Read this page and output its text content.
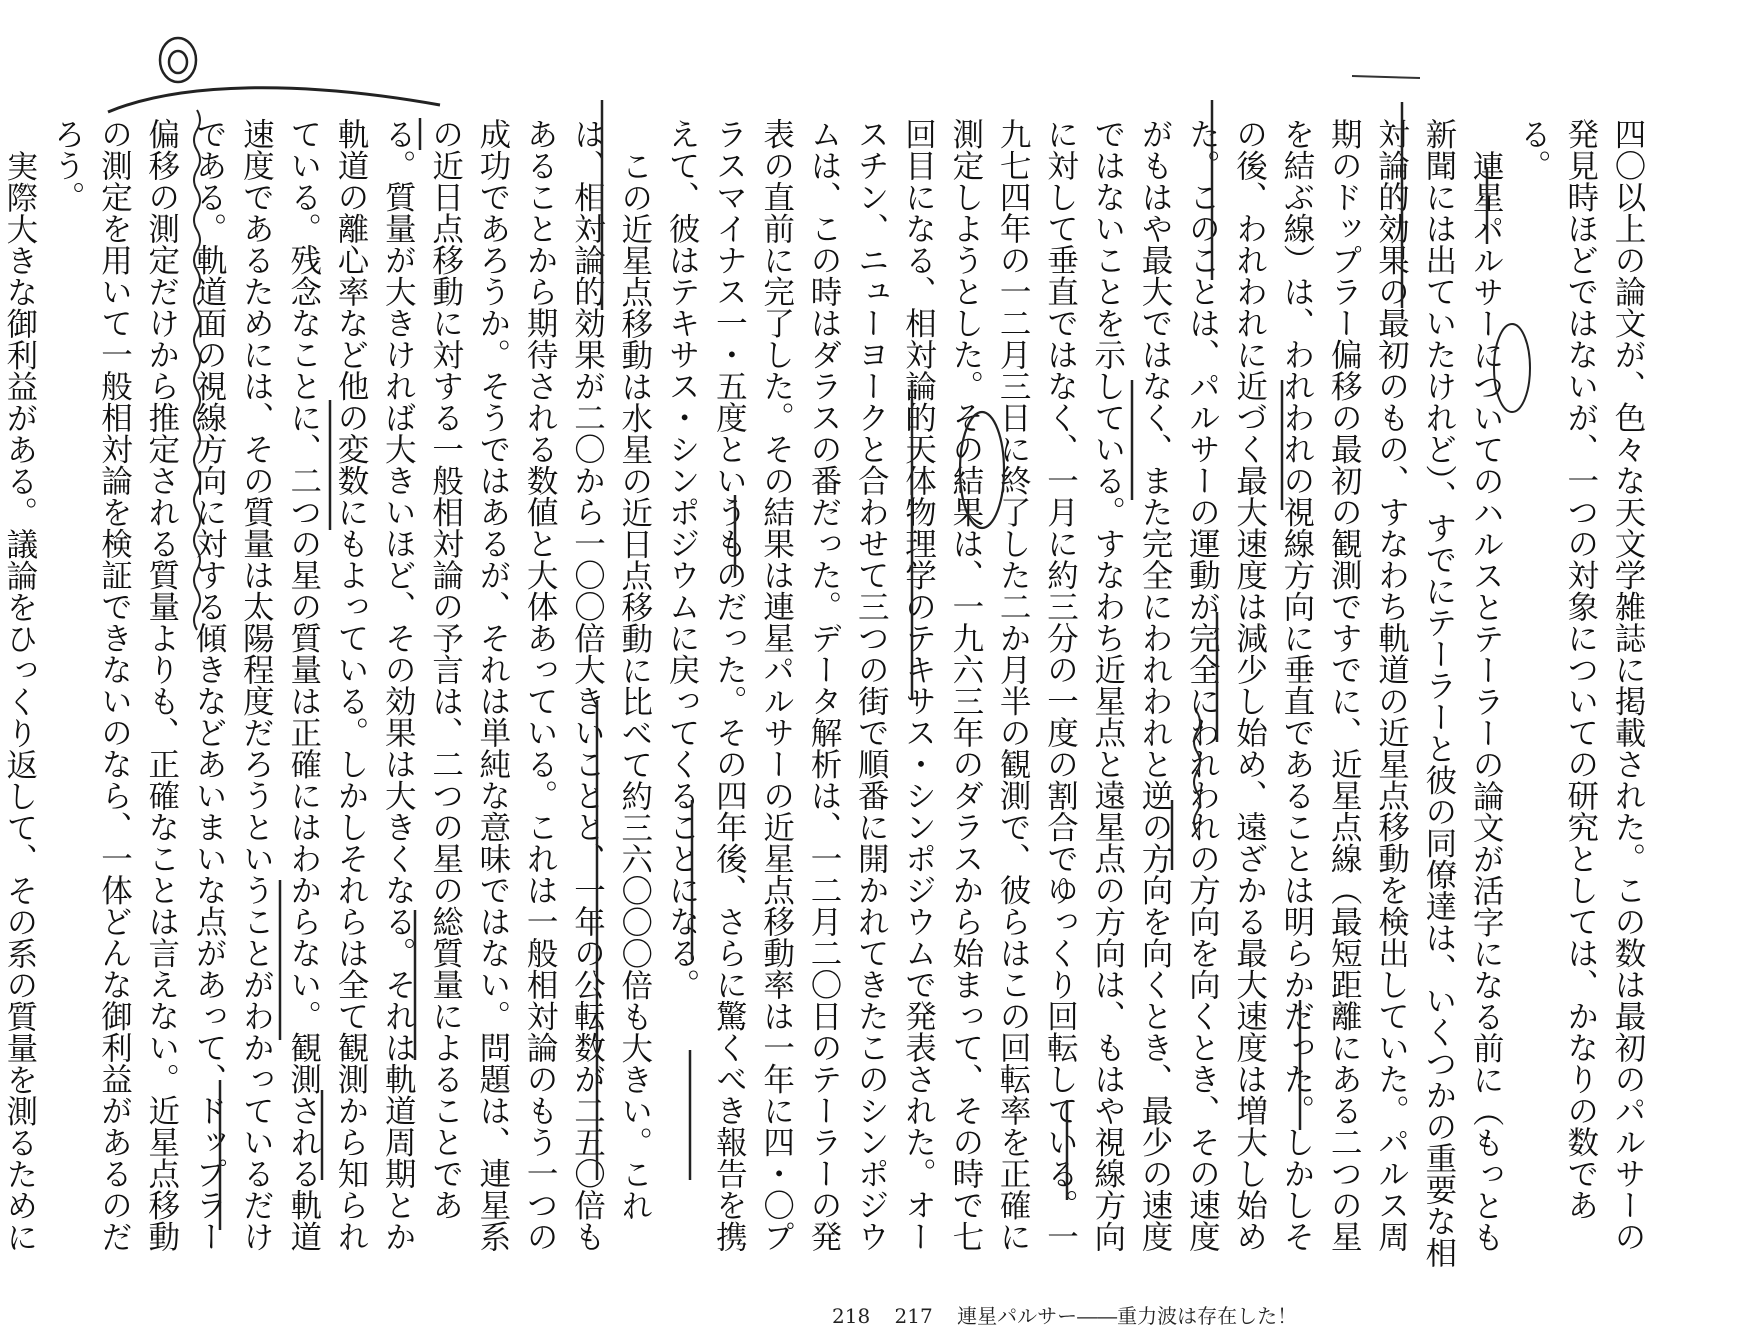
四〇以上の論文が、色々な天文学雑誌に掲載された。この数は最初のパルサーの発見時ほどではないが、一つの対象についての研究としては、かなりの数である。

連星パルサーについてのハルスとテーラーの論文が活字になる前に（もっとも新聞には出ていたけれど）、すでにテーラーと彼の同僚達は、いくつかの重要な相対論的効果の最初のもの、すなわち軌道の近星点移動を検出していた。パルス周期のドップラー偏移の最初の観測ですでに、近星点線（最短距離にある二つの星を結ぶ線）は、われわれの視線方向に垂直であることは明らかだった。しかしその後、われわれに近づく最大速度は減少し始め、遠ざかる最大速度は増大し始めた。このことは、パルサーの運動が完全にわれわれの方向を向くとき、その速度がもはや最大ではなく、また完全にわれわれと逆の方向を向くとき、最少の速度ではないことを示している。すなわち近星点と遠星点の方向は、もはや視線方向に対して垂直ではなく、一月に約三分の一度の割合でゆっくり回転している。一九七四年の一二月三日に終了した二か月半の観測で、彼らはこの回転率を正確に測定しようとした。その結果は、一九六三年のダラスから始まって、その時で七回目になる、相対論的天体物理学のテキサス・シンポジウムで発表された。オースチン、ニューヨークと合わせて三つの街で順番に開かれてきたこのシンポジウムは、この時はダラスの番だった。データ解析は、一二月二〇日のテーラーの発表の直前に完了した。その結果は連星パルサーの近星点移動率は一年に四・〇プラスマイナス一・五度というものだった。その四年後、さらに驚くべき報告を携えて、彼はテキサス・シンポジウムに戻ってくることになる。

この近星点移動は水星の近日点移動に比べて約三六〇〇〇倍も大きい。これは、相対論的効果が二〇から一〇〇倍大きいことと、一年の公転数が二五〇倍もあることから期待される数値と大体あっている。これは一般相対論のもう一つの成功であろうか。そうではあるが、それは単純な意味ではない。問題は、連星系の近日点移動に対する一般相対論の予言は、二つの星の総質量によることである。質量が大きければ大きいほど、その効果は大きくなる。それは軌道周期とか軌道の離心率など他の変数にもよっている。しかしそれらは全て観測から知られている。残念なことに、二つの星の質量は正確にはわからない。観測される軌道速度であるためには、その質量は太陽程度だろうということがわかっているだけである。軌道面の視線方向に対する傾きなどあいまいな点があって、ドップラー偏移の測定だけから推定される質量よりも、正確なことは言えない。近星点移動の測定を用いて一般相対論を検証できないのなら、一体どんな御利益があるのだろう。

実際大きな御利益がある。議論をひっくり返して、その系の質量を測るために

218 217 連星パルサー――重力波は存在した！
